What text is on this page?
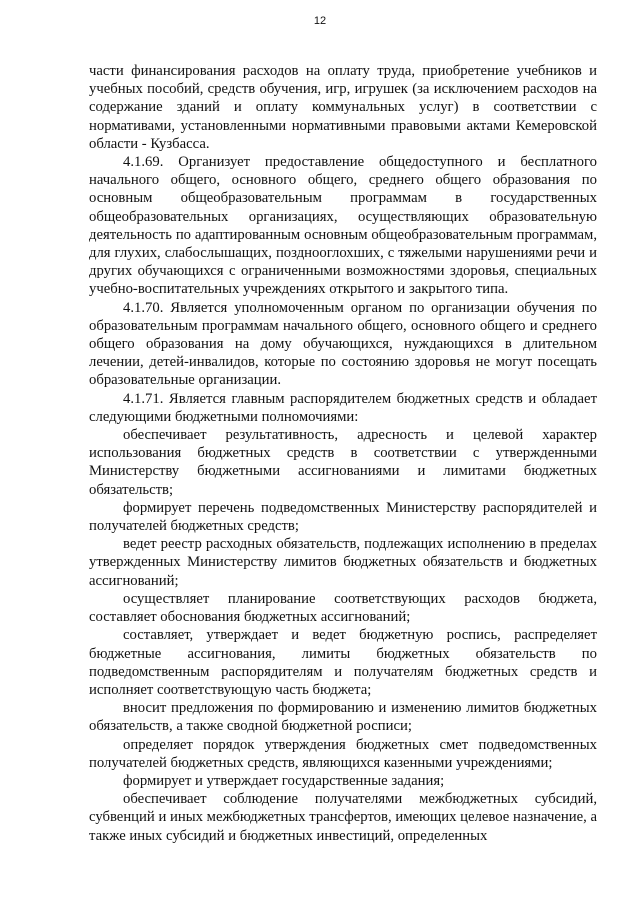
12

части финансирования расходов на оплату труда, приобретение учебников и учебных пособий, средств обучения, игр, игрушек (за исключением расходов на содержание зданий и оплату коммунальных услуг) в соответствии с нормативами, установленными нормативными правовыми актами Кемеровской области - Кузбасса.

4.1.69. Организует предоставление общедоступного и бесплатного начального общего, основного общего, среднего общего образования по основным общеобразовательным программам в государственных общеобразовательных организациях, осуществляющих образовательную деятельность по адаптированным основным общеобразовательным программам, для глухих, слабослышащих, позднооглохших, с тяжелыми нарушениями речи и других обучающихся с ограниченными возможностями здоровья, специальных учебно-воспитательных учреждениях открытого и закрытого типа.

4.1.70. Является уполномоченным органом по организации обучения по образовательным программам начального общего, основного общего и среднего общего образования на дому обучающихся, нуждающихся в длительном лечении, детей-инвалидов, которые по состоянию здоровья не могут посещать образовательные организации.

4.1.71. Является главным распорядителем бюджетных средств и обладает следующими бюджетными полномочиями:

обеспечивает результативность, адресность и целевой характер использования бюджетных средств в соответствии с утвержденными Министерству бюджетными ассигнованиями и лимитами бюджетных обязательств;

формирует перечень подведомственных Министерству распорядителей и получателей бюджетных средств;

ведет реестр расходных обязательств, подлежащих исполнению в пределах утвержденных Министерству лимитов бюджетных обязательств и бюджетных ассигнований;

осуществляет планирование соответствующих расходов бюджета, составляет обоснования бюджетных ассигнований;

составляет, утверждает и ведет бюджетную роспись, распределяет бюджетные ассигнования, лимиты бюджетных обязательств по подведомственным распорядителям и получателям бюджетных средств и исполняет соответствующую часть бюджета;

вносит предложения по формированию и изменению лимитов бюджетных обязательств, а также сводной бюджетной росписи;

определяет порядок утверждения бюджетных смет подведомственных получателей бюджетных средств, являющихся казенными учреждениями;

формирует и утверждает государственные задания;

обеспечивает соблюдение получателями межбюджетных субсидий, субвенций и иных межбюджетных трансфертов, имеющих целевое назначение, а также иных субсидий и бюджетных инвестиций, определенных
